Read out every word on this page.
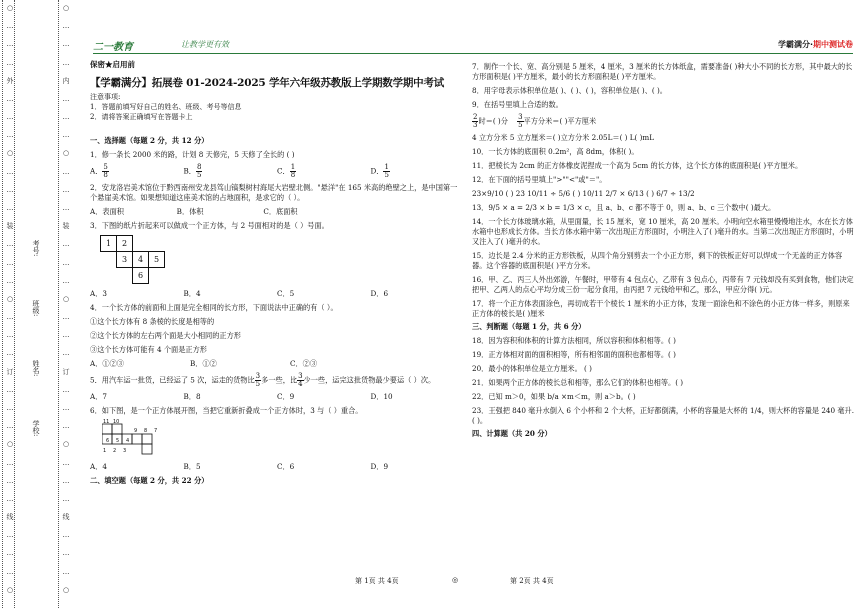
○
…
…
…
外
…
…
…
○
…
…
…
装
…
…
…
○
…
…
…
订
…
…
…
○
…
…
…
线
…
…
…
○
○
…
…
…
内
…
…
…
○
…
…
…
装
…
…
…
○
…
…
…
订
…
…
…
○
…
…
…
线
…
…
…
○
学校:
姓名:
班级:
考号:
二一教育	让教学更有效	学霸满分·期中测试卷
保密★启用前
【学霸满分】拓展卷 01-2024-2025 学年六年级苏教版上学期数学期中考试
注意事项:
1．答题前填写好自己的姓名、班级、考号等信息
2．请将答案正确填写在答题卡上
一、选择题（每题 2 分，共 12 分）
1．修一条长 2000 米的路，计划 8 天修完，5 天修了全长的 ( )
A． $\frac{5}{8}$	B． $\frac{8}{5}$	C． $\frac{1}{8}$	D． $\frac{1}{5}$
2．安龙洛岩美术馆位于黔西南州安龙县笃山镐梨树村海尾大岩壁北侧。"悬洋"在 165 米高的绝壁之上，是中国第一个悬崖美术馆。如果想知道这座美术馆的占地面积，是求它的（ ）。
A．表面积	B．体积	C．底面积
3．下图的纸片折起来可以做成一个正方体，与 2 号面相对的是（ ）号面。
1	2
3	4	5
6
A．3	B．4	C．5	D．6
4．一个长方体的前面和上面是完全相同的长方形，下面说法中正确的有（ ）。
①这个长方体有 8 条棱的长度是相等的
②这个长方体的左右两个面是大小相同的正方形
③这个长方体可能有 4 个面是正方形
A．①②③	B．①②	C．②③
5．用汽车运一批货，已经运了 5 次，运走的货物比 $\frac{3}{5}$ 多一些，比 $\frac{3}{4}$ 少一些，运完这批货物最少要运（ ）次。
A．7	B．8	C．9	D．10
6．如下图，是一个正方体展开图，当把它重新折叠成一个正方体时，3 与（ ）重合。
11 10
9 8 7
6 5 4
1 2 3
A．4	B．5	C．6	D．9
二、填空题（每题 2 分，共 22 分）
7．制作一个长、宽、高分别是 5 厘米，4 厘米，3 厘米的长方体纸盒，需要准备( )种大小不同的长方形，其中最大的长方形面积是( )平方厘米，最小的长方形面积是( )平方厘米。
8．用字母表示体积单位是( )、( )、( )，容积单位是( )、( )。
9．在括号里填上合适的数。
$\frac{2}{3}$ 时＝( )分 $\frac{3}{5}$ 平方分米＝( )平方厘米
4 立方分米 5 立方厘米＝( )立方分米 2.05L＝( ) L( )mL
10．一长方体的底面积 0.2m²，高 8dm，体积( )。
11．把棱长为 2cm 的正方体橡皮泥捏成一个高为 5cm 的长方体，这个长方体的底面积是( )平方厘米。
12．在下面的括号里填上">""<"或"＝"。
23×9/10 ( ) 23 10/11 ÷ 5/6 ( ) 10/11 2/7 × 6/13 ( ) 6/7 ÷ 13/2
13．9/5 × a = 2/3 × b = 1/3 × c，且 a、b、c 都不等于 0，则 a、b、c 三个数中( )最大。
14．一个长方体玻璃水箱，从里面量，长 15 厘米，宽 10 厘米，高 20 厘米。小明向空水箱里慢慢地注水，水在长方体水箱中也形成长方体。当长方体水箱中第一次出现正方形面时，小明注入了( )毫升的水。当第二次出现正方形面时，小明又注入了( )毫升的水。
15．边长是 2.4 分米的正方形铁板，从四个角分别剪去一个小正方形，剩下的铁板正好可以焊成一个无盖的正方体容器。这个容器的底面积是( )平方分米。
16．甲、乙、丙三人外出郊游，午餐时，甲带有 4 包点心，乙带有 3 包点心，丙带有 7 元钱却没有买到食物，他们决定把甲、乙两人的点心平均分成三份一起分食用，由丙把 7 元钱给甲和乙，那么，甲应分得( )元。
17．将一个正方体表面涂色，再切成若干个棱长 1 厘米的小正方体，发现一面涂色和不涂色的小正方体一样多，则原来正方体的棱长是( )厘米
三、判断题（每题 1 分，共 6 分）
18．因为容积和体积的计算方法相同，所以容积和体积相等。( )
19．正方体相对面的面积相等，所有相邻面的面积也都相等。( )
20．最小的体积单位是立方厘米。 ( )
21．如果两个正方体的棱长总和相等，那么它们的体积也相等。( )
22．已知 m＞0，如果 b/a ×m＜m，则 a＞b。( )
23．王强把 840 毫升水倒入 6 个小杯和 2 个大杯，正好都倒满，小杯的容量是大杯的 1/4，则大杯的容量是 240 毫升.( )。
四、计算题（共 20 分）
第 1页 共 4页	◎	第 2页 共 4页
